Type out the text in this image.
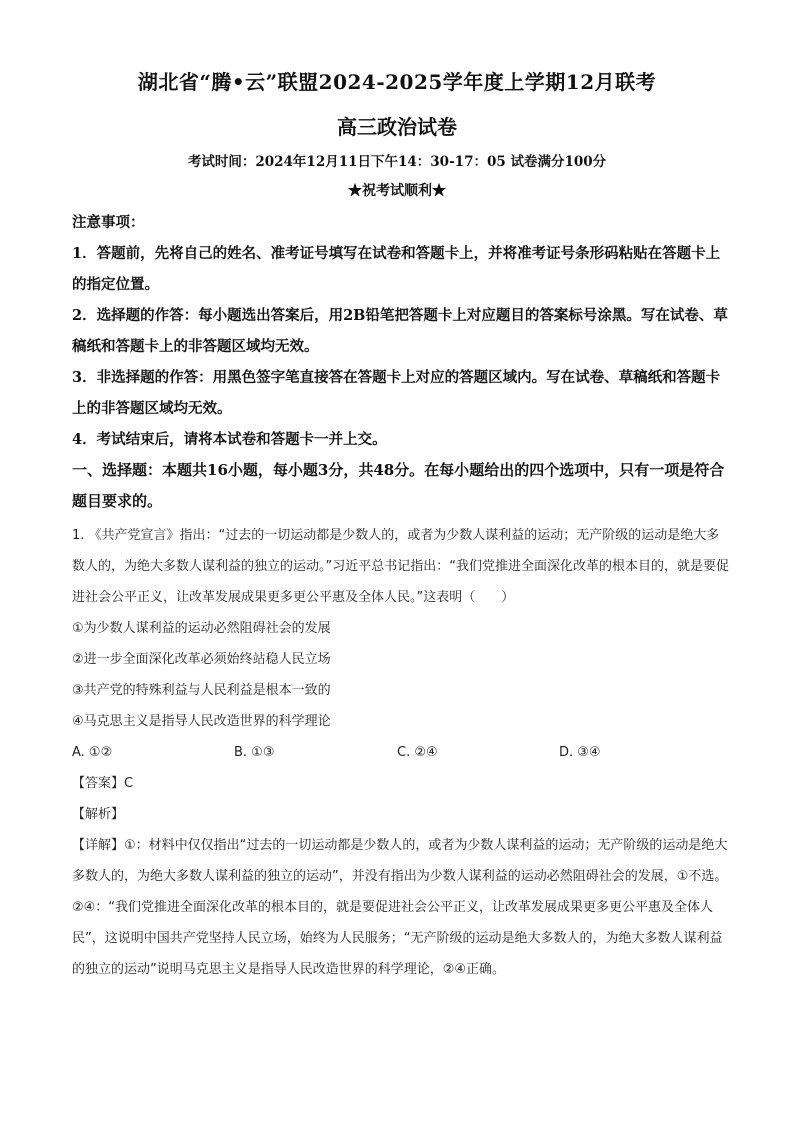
湖北省“腾•云”联盟2024-2025学年度上学期12月联考
高三政治试卷
考试时间：2024年12月11日下午14：30-17：05 试卷满分100分
★祝考试顺利★
注意事项：
1．答题前，先将自己的姓名、准考证号填写在试卷和答题卡上，并将准考证号条形码粘贴在答题卡上的指定位置。
2．选择题的作答：每小题选出答案后，用2B铅笔把答题卡上对应题目的答案标号涂黑。写在试卷、草稿纸和答题卡上的非答题区域均无效。
3．非选择题的作答：用黑色签字笔直接答在答题卡上对应的答题区域内。写在试卷、草稿纸和答题卡上的非答题区域均无效。
4．考试结束后，请将本试卷和答题卡一并上交。
一、选择题：本题共16小题，每小题3分，共48分。在每小题给出的四个选项中，只有一项是符合题目要求的。
1. 《共产党宣言》指出：“过去的一切运动都是少数人的，或者为少数人谋利益的运动；无产阶级的运动是绝大多数人的，为绝大多数人谋利益的独立的运动。”习近平总书记指出：“我们党推进全面深化改革的根本目的，就是要促进社会公平正义，让改革发展成果更多更公平惠及全体人民。”这表明（　　）
①为少数人谋利益的运动必然阻碍社会的发展
②进一步全面深化改革必须始终站稳人民立场
③共产党的特殊利益与人民利益是根本一致的
④马克思主义是指导人民改造世界的科学理论
A. ①②	B. ①③	C. ②④	D. ③④
【答案】C
【解析】
【详解】①：材料中仅仅指出“过去的一切运动都是少数人的，或者为少数人谋利益的运动；无产阶级的运动是绝大多数人的，为绝大多数人谋利益的独立的运动”，并没有指出为少数人谋利益的运动必然阻碍社会的发展，①不选。
②④：“我们党推进全面深化改革的根本目的，就是要促进社会公平正义，让改革发展成果更多更公平惠及全体人民”，这说明中国共产党坚持人民立场，始终为人民服务；“无产阶级的运动是绝大多数人的，为绝大多数人谋利益的独立的运动”说明马克思主义是指导人民改造世界的科学理论，②④正确。
